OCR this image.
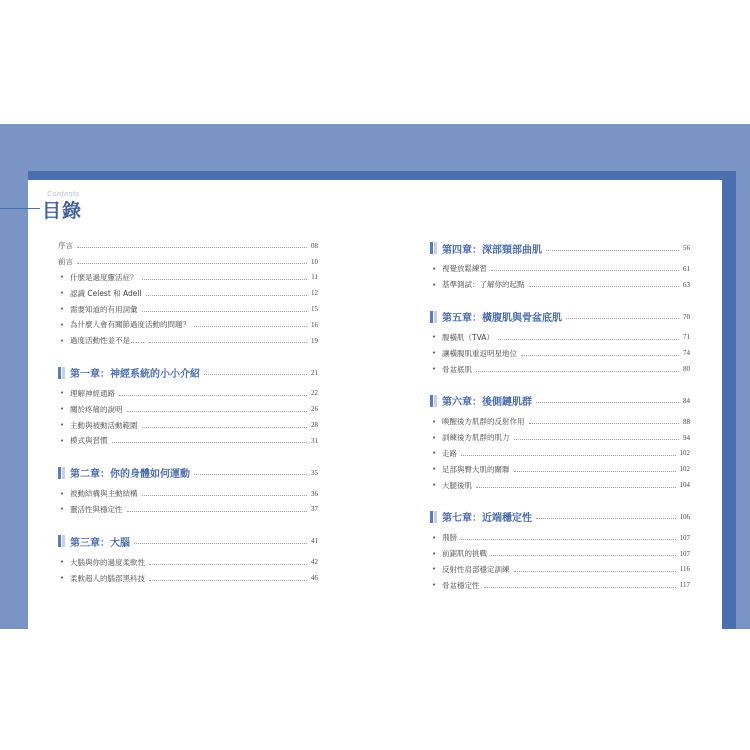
Contents
目錄
序言	08
前言	10
• 什麼是過度靈活症？	11
• 認識 Celest 和 Adell	12
• 需要知道的有用詞彙	15
• 為什麼人會有關節過度活動的問題？	16
• 過度活動性並不是……	19
第一章：神經系統的小小介紹	21
• 理解神經通路	22
• 關於疼痛的說明	26
• 主動與被動活動範圍	28
• 模式與習慣	31
第二章：你的身體如何運動	35
• 被動結構與主動結構	36
• 靈活性與穩定性	37
第三章：大腦	41
• 大腦與你的過度柔軟性	42
• 柔軟超人的腦部黑科技	46
第四章：深部頸部曲肌	56
• 視覺放鬆練習	61
• 基準測試：了解你的起點	63
第五章：橫腹肌與骨盆底肌	70
• 腹橫肌（TVA）	71
• 讓橫腹肌重返明星地位	74
• 骨盆底肌	80
第六章：後側鏈肌群	84
• 喚醒後方肌群的反射作用	88
• 訓練後方肌群的肌力	94
• 走路	102
• 足部與臀大肌的關聯	102
• 大腿後肌	104
第七章：近端穩定性	106
• 飛膀	107
• 前鋸肌的挑戰	107
• 反射性肩部穩定訓練	116
• 骨盆穩定性	117
